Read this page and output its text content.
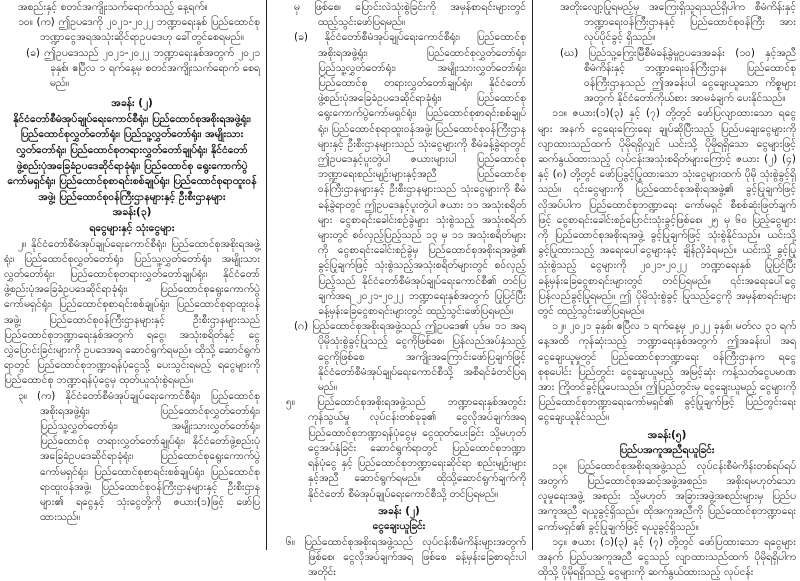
အစည်းနှင့် စတင်အကျိုးသက်ရောက်သည့် နေ့ရက်။

၁၀။ (က) ဤဥပဒေကို ၂၀၂၁-၂၀၂၂ ဘဏ္ဍာရေးနှစ် ပြည်ထောင်စု ဘဏ္ဍာငွေအရအသုံးဆိုင်ရာဥပဒေဟု ခေါ်တွင်စေရမည်။

(ခ) ဤဥပဒေသည် ၂၀၂၁-၂၀၂၂ ဘဏ္ဍာရေးနှစ်အတွက် ၂၀၂၁ ခုနှစ်၊ ဧပြီလ ၁ ရက်နေ့မှ စတင်အကျိုးသက်ရောက် စေရမည်။

အခန်း (၂)
နိုင်ငံတော်စီမံအုပ်ချုပ်ရေးကောင်စီရုံး၊ ပြည်ထောင်စုအစိုးရအဖွဲ့ရုံး၊ ပြည်ထောင်စုလွှတ်တော်ရုံး၊ ပြည်သူ့လွှတ်တော်ရုံး၊ အမျိုးသားလွှတ်တော်ရုံး၊ ပြည်ထောင်စုတရားလွှတ်တော်ချုပ်ရုံး၊ နိုင်ငံတော်ဖွဲ့စည်းပုံအခြေခံဥပဒေဆိုင်ရာခုံရုံး၊ ပြည်ထောင်စု ရွေးကောက်ပွဲကော်မရှင်ရုံး၊ ပြည်ထောင်စုစာရင်းစစ်ချုပ်ရုံး၊ ပြည်ထောင်စုရာထူးဝန်အဖွဲ့၊ ပြည်ထောင်စုဝန်ကြီးဌာနများနှင့် ဦးစီးဌာနများ
အခန်း(၃)
ရငွေများနှင့် သုံးငွေများ

၂။ နိုင်ငံတော်စီမံအုပ်ချုပ်ရေးကောင်စီရုံး၊ ပြည်ထောင်စုအစိုးရအဖွဲ့ရုံး၊ ပြည်ထောင်စုလွှတ်တော်ရုံး၊ ပြည်သူ့လွှတ်တော်ရုံး၊ အမျိုးသားလွှတ်တော်ရုံး၊ ပြည်ထောင်စုတရားလွှတ်တော်ချုပ်ရုံး၊ နိုင်ငံတော်ဖွဲ့စည်းပုံအခြေခံဥပဒေဆိုင်ရာခုံရုံး၊ ပြည်ထောင်စုရွေးကောက်ပွဲကော်မရှင်ရုံး၊ ပြည်ထောင်စုစာရင်းစစ်ချုပ်ရုံး၊ ပြည်ထောင်စုရာထူးဝန်အဖွဲ့၊ ပြည်ထောင်စုဝန်ကြီးဌာနများနှင့် ဦးစီးဌာနများသည် ပြည်ထောင်စုဘဏ္ဍာရေးနှစ်အတွက် ရငွေ၊ အသုံးစရိတ်နှင့် ငွေလွှဲပြောင်းခြင်းများကို ဥပဒေအရ ဆောင်ရွက်ရမည်။ ထိုသို့ ဆောင်ရွက်ရာတွင် ပြည်ထောင်စုဘဏ္ဍာရန်ပုံငွေသို့ ပေးသွင်းရမည့် ရငွေများကို ပြည်ထောင်စု ဘဏ္ဍာရန်ပုံငွေမှ ထုတ်ယူသုံးစွဲရမည်။

၃။ (က) နိုင်ငံတော်စီမံအုပ်ချုပ်ရေးကောင်စီရုံး၊ ပြည်ထောင်စုအစိုးရအဖွဲ့ရုံး၊ ပြည်ထောင်စုလွှတ်တော်ရုံး၊ ပြည်သူ့လွှတ်တော်ရုံး၊ အမျိုးသားလွှတ်တော်ရုံး၊ ပြည်ထောင်စု တရားလွှတ်တော်ချုပ်ရုံး၊ နိုင်ငံတော်ဖွဲ့စည်းပုံအခြေခံဥပဒေဆိုင်ရာခုံရုံး၊ ပြည်ထောင်စုရွေးကောက်ပွဲကော်မရှင်ရုံး၊ ပြည်ထောင်စုစာရင်းစစ်ချုပ်ရုံး၊ ပြည်ထောင်စု ရာထူးဝန်အဖွဲ့၊ ပြည်ထောင်စုဝန်ကြီးဌာနများနှင့် ဦးစီးဌာနများ၏ ရငွေနှင့် သုံးငွေတို့ကို ဇယား(၁)ဖြင့် ဖော်ပြထားသည်။

မှ ဖြစ်စေ၊ ပြောင်းလဲသုံးစွဲခြင်းကို အမှန်စာရင်းများတွင် ထည့်သွင်းဖော်ပြရမည်။

(ခ) နိုင်ငံတော်စီမံအုပ်ချုပ်ရေးကောင်စီရုံး၊ ပြည်ထောင်စု အစိုးရအဖွဲ့ရုံး၊ ပြည်ထောင်စုလွှတ်တော်ရုံး၊ ပြည်သူ့လွှတ်တော်ရုံး၊ အမျိုးသားလွှတ်တော်ရုံး၊ ပြည်ထောင်စု တရားလွှတ်တော်ချုပ်ရုံး၊ နိုင်ငံတော်ဖွဲ့စည်းပုံအခြေခံဥပဒေဆိုင်ရာခုံရုံး၊ ပြည်ထောင်စု ရွေးကောက်ပွဲကော်မရှင်ရုံး၊ ပြည်ထောင်စုစာရင်းစစ်ချုပ်ရုံး၊ ပြည်ထောင်စုရာထူးဝန်အဖွဲ့၊ ပြည်ထောင်စုဝန်ကြီးဌာနများနှင့် ဦးစီးဌာနများသည် သုံးငွေများကို စီမံခန့်ခွဲရာတွင် ဤဥပဒေနှင့်ပူးတွဲပါ ဇယားများပါ ပြည်ထောင်စုဘဏ္ဍာရေးစည်းမျဉ်းများနှင့်အညီ ပြည်ထောင်စုဝန်ကြီးဌာနများနှင့် ဦးစီးဌာနများသည် သုံးငွေများကို စီမံခန့်ခွဲရာတွင် ဤဥပဒေနှင့်ပူးတွဲပါ ဇယား ၁၁ အသုံးစရိတ်များ ငွေစာရင်းခေါင်းစဉ်ခွဲများ သုံးစွဲသည့် အသုံးစရိတ်များတွင် စဝ်လှည့်ပြည့်သည် ၁၃ မှ ၁၁ အသုံးစရိတ်များကို ငွေစာရင်းခေါင်းစဉ်ခွဲမှ ပြည်ထောင်စုအစိုးရအဖွဲ့၏ ခွင့်ပြုချက်ဖြင့် သုံးစွဲသည့်အသုံးစရိတ်များတွင် စဝ်လှည့်ပြည့်သည် နိုင်ငံတော်စီမံအုပ်ချုပ်ရေးကောင်စီ၏ တင်ပြချက်အရ ၂၀၂၁-၂၀၂၂ ဘဏ္ဍာရေးနှစ်အတွက် ပြုပြင်ပြီး ခန့်မှန်းခြေငွေစာရင်းများတွင် ထည့်သွင်းဖော်ပြရမည်။

(ဂ) ပြည်ထောင်စုအစိုးရအဖွဲ့သည် ဤဥပဒေ၏ ပုဒ်မ ၁၁ အရ ပိုမိုသုံးစွဲခွင့်ပြုသည့် ငွေကိုဖြစ်စေ၊ ပြန်လည်အပ်နှံသည့်ငွေကိုဖြစ်စေ အကျိုးအကြောင်းဖော်ပြချက်ဖြင့် နိုင်ငံတော်စီမံအုပ်ချုပ်ရေးကောင်စီသို့ အစီရင်ခံတင်ပြရမည်။

၅။ ပြည်ထောင်စုအစိုးရအဖွဲ့သည် ဘဏ္ဍာရေးနှစ်အတွင်း ကုန်သွယ်မှု လုပ်ငန်းတစ်ခုခု၏ ငွေလိုအပ်ချက်အရ ပြည်ထောင်စုဘဏ္ဍာရန်ပုံငွေမှ ငွေထုတ်ပေးခြင်း သို့မဟုတ် ငွေအပ်နှံခြင်း ဆောင်ရွက်ရာတွင် ပြည်ထောင်စုဘဏ္ဍာရန်ပုံငွေ နှင့် ပြည်ထောင်စုဘဏ္ဍာရေးဆိုင်ရာ စည်းမျဉ်းများနှင့်အညီ ဆောင်ရွက်ရမည်။ ထိုသို့ဆောင်ရွက်ချက်ကို နိုင်ငံတော် စီမံအုပ်ချုပ်ရေးကောင်စီသို့ တင်ပြရမည်။

အခန်း (၂)
ငွေချေးယူခြင်း

၆။ ပြည်ထောင်စုအစိုးရအဖွဲ့သည် လုပ်ငန်းစီမံကိန်းများအတွက် ဖြစ်စေ၊ ငွေလိုအပ်ချက်အရ ဖြစ်စေ ခန့်မှန်းခြေစာရင်းပါ အတိုင်း

အတိုးလျော့ပြုရမည့်မှ အကြေးရှိသူရသည်ရှိပါက စီမံကိန်းနှင့် ဘဏ္ဍာရေးဝန်ကြီးဌာနနှင့် ပြည်ထောင်စုဝန်ကြီး အား လုပ်ပိုင်ခွင့် ရှိသည်။

(ဃ) ပြည်သူ့ကြွေးမြီစီမံခန့်ခွဲမှုဥပဒေအခန်း (၁၀) နှင့်အညီ စီမံကိန်းနှင့် ဘဏ္ဍာရေးဝန်ကြီးဌာန၊ ပြည်ထောင်စုဝန်ကြီးဌာနသည် ဤအခန်းပါ ငွေချေးယူသော ကိစ္စများအတွက် နိုင်ငံတော်ကိုယ်စား အာမခံချက် ပေးနိုင်သည်။

၁၁။ ဇယား(၁)(၃) နှင့် (၇) တို့တွင် ဖော်ပြလျာထားသော ရငွေများ အနက် ငွေရေးကြေးရေး ချုပ်ဆိုပြီးသည့် ပြည်ပချေးငွေများကို လျာထားသည်ထက် ပိုမိုရရှိလျှင် ယင်းသို့ ပိုမိုရရှိသော ငွေများဖြင့် ဆက်နွယ်ထားသည့် လုပ်ငန်းအသုံးစရိတ်များကြောင့် ဇယား (၂) (၄) နှင့် (၈) တို့တွင် ဖော်ပြခွင့်ပြုထားသော သုံးငွေများထက် ပိုမို သုံးစွဲခွင့်ရှိသည်။ ၎င်းငွေများကို ပြည်ထောင်စုအစိုးရအဖွဲ့၏ ခွင့်ပြုချက်ဖြင့် လိုအပ်ပါက ပြည်ထောင်စုဘဏ္ဍာရေး ကော်မရှင် စီစစ်ဆုံးဖြတ်ချက်ဖြင့် ငွေစာရင်းခေါင်းစဉ်ပြောင်းသုံးခွင့်ဖြစ်စေ၊ ၂၅ မှ ၆၀ ပြည့်ငွေများကို ပြည်ထောင်စုအစိုးရအဖွဲ့ ခွင့်ပြုချက်ဖြင့် သုံးစွဲနိုင်သည်။ ယင်းသို့ ခွင့်ပြုထားသည့် အရေးပေါ်ငွေများနှင့် ချိန်ညှိခံရမည်။ ယင်းသို့ ခွင့်ပြုသုံးစွဲသည့် ငွေများကို ၂၀၂၁-၂၀၂၂ ဘဏ္ဍာရေးနှစ် ပြုပြင်ပြီး ခန့်မှန်းခြေငွေစာရင်းများတွင် တင်ပြရမည်။ ၎င်းအရေးပေါ်ငွေ ပြန်လည်ခွင့်ပြုရမည်။ ဤ ပိုမိုသုံးစွဲခွင့် ပြုသည့်ငွေကို အမှန်စာရင်းများတွင် ထည့်သွင်းဖော်ပြရမည်။

၁၂။ ၂၀၂၁ ခုနှစ်၊ ဧပြီလ ၁ ရက်နေ့မှ ၂၀၂၂ ခုနှစ်၊ မတ်လ ၃၁ ရက်နေ့အထိ ကုန်ဆုံးသည့် ဘဏ္ဍာရေးနှစ်အတွက် ဤအခန်းပါ အရ ငွေချေးယူမှုတွင် ပြည်ထောင်စုဘဏ္ဍာရေး ဝန်ကြီးဌာနက ရငွေစုစုပေါင်း ပြည်တွင်း ငွေချေးယူမည့် အမြင့်ဆုံး ကန့်သတ်ငွေပမာဏအား ကြိုတင်ခွင့်ပြုပေးသည်။ ဤပြည်တွင်းမှ ငွေချေးယူမည့် ငွေများကို ပြည်ထောင်စုဘဏ္ဍာရေးကော်မရှင်၏ ခွင့်ပြုချက်ဖြင့် ပြည်တွင်းရေး ငွေချေးယူနိုင်သည်။

အခန်း(၅)
ပြည်ပအကူအညီရယူခြင်း

၁၃။ ပြည်ထောင်စုအစိုးရအဖွဲ့သည် လုပ်ငန်းစီမံကိန်းတစ်ရပ်ရပ် အတွက် ပြည်ထောင်စုအဆင့်အဖွဲ့အစည်း၊ အစိုးရမဟုတ်သော လူမှုရေးအဖွဲ့ အစည်း သို့မဟုတ် အခြားအဖွဲ့အစည်းများမှ ပြည်ပအကူအညီ ရယူခွင့်ရှိသည်။ ထိုအကူအညီကို ပြည်ထောင်စုဘဏ္ဍာရေးကော်မရှင်၏ ခွင့်ပြုချက်ဖြင့် ရယူခွင့်ရှိသည်။

၁၄။ ဇယား (၁)(၃) နှင့် (၇) တို့တွင် ဖော်ပြထားသော ရငွေများ အနက် ပြည်ပအကူအညီ ငွေသည် လျာထားသည်ထက် ပိုမိုရရှိပါက ထိုသို့ ပိုမိုရရှိသည့် ငွေများကို ဆက်နွယ်ထားသည့် လုပ်ငန်း
